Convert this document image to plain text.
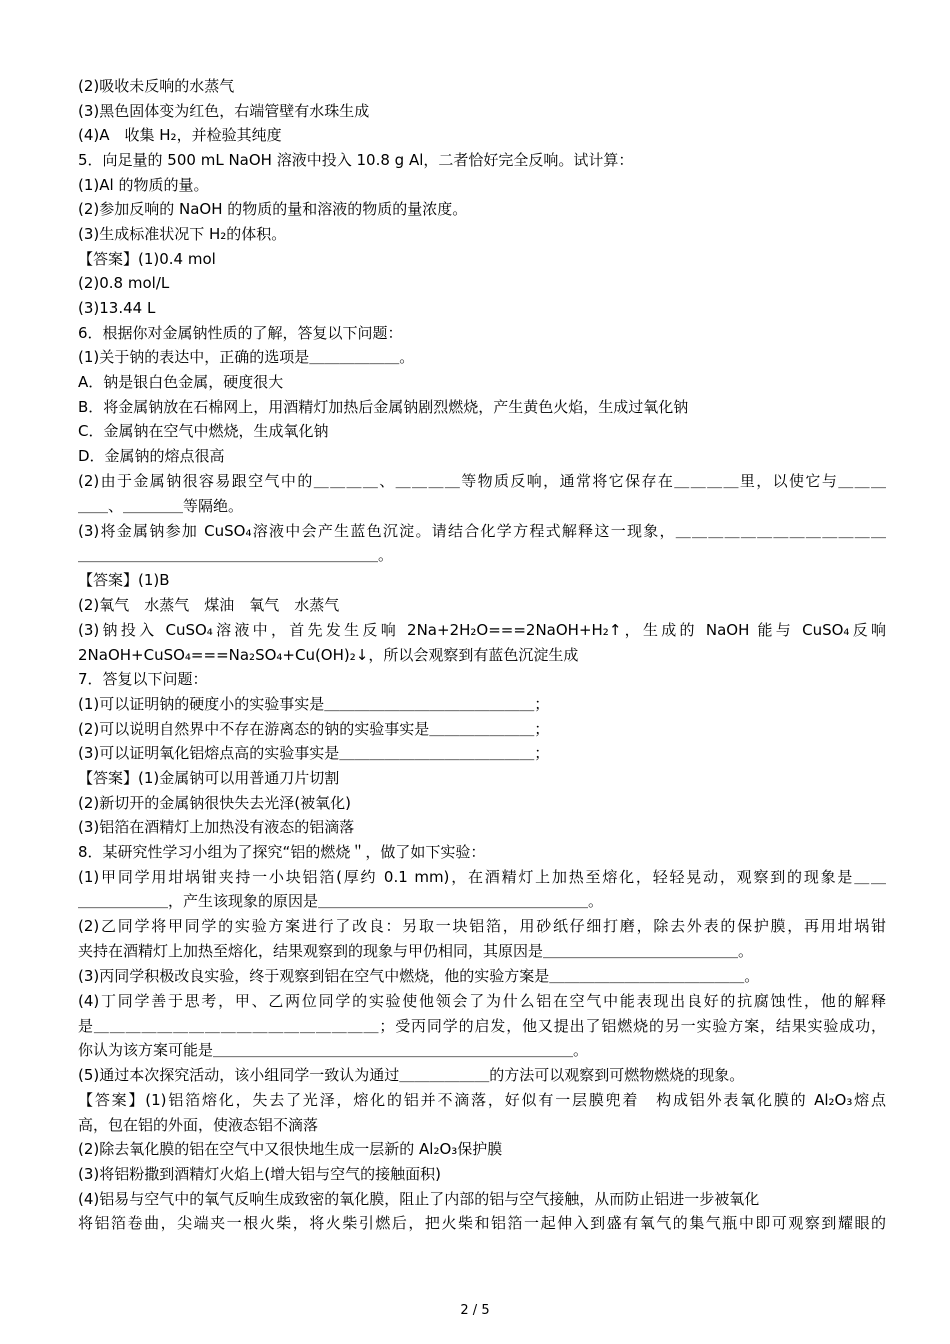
(2)吸收未反响的水蒸气
(3)黑色固体变为红色，右端管壁有水珠生成
(4)A　收集 H₂，并检验其纯度
5．向足量的 500 mL NaOH 溶液中投入 10.8 g Al，二者恰好完全反响。试计算：
(1)Al 的物质的量。
(2)参加反响的 NaOH 的物质的量和溶液的物质的量浓度。
(3)生成标准状况下 H₂的体积。
【答案】(1)0.4 mol
(2)0.8 mol/L
(3)13.44 L
6．根据你对金属钠性质的了解，答复以下问题：
(1)关于钠的表达中，正确的选项是＿＿＿＿＿＿。
A．钠是银白色金属，硬度很大
B．将金属钠放在石棉网上，用酒精灯加热后金属钠剧烈燃烧，产生黄色火焰，生成过氧化钠
C．金属钠在空气中燃烧，生成氧化钠
D．金属钠的熔点很高
(2)由于金属钠很容易跟空气中的＿＿＿＿、＿＿＿＿等物质反响，通常将它保存在＿＿＿＿里，以使它与＿＿＿
＿＿、＿＿＿＿等隔绝。
(3)将金属钠参加 CuSO₄溶液中会产生蓝色沉淀。请结合化学方程式解释这一现象，＿＿＿＿＿＿＿＿＿＿＿＿＿
＿＿＿＿＿＿＿＿＿＿＿＿＿＿＿＿＿＿＿＿。
【答案】(1)B
(2)氧气　水蒸气　煤油　氧气　水蒸气
(3)钠投入 CuSO₄溶液中，首先发生反响 2Na+2H₂O===2NaOH+H₂↑，生成的 NaOH 能与 CuSO₄反响
2NaOH+CuSO₄===Na₂SO₄+Cu(OH)₂↓，所以会观察到有蓝色沉淀生成
7．答复以下问题：
(1)可以证明钠的硬度小的实验事实是＿＿＿＿＿＿＿＿＿＿＿＿＿＿；
(2)可以说明自然界中不存在游离态的钠的实验事实是＿＿＿＿＿＿＿；
(3)可以证明氧化铝熔点高的实验事实是＿＿＿＿＿＿＿＿＿＿＿＿＿；
【答案】(1)金属钠可以用普通刀片切割
(2)新切开的金属钠很快失去光泽(被氧化)
(3)铝箔在酒精灯上加热没有液态的铝滴落
8．某研究性学习小组为了探究“铝的燃烧＂，做了如下实验：
(1)甲同学用坩埚钳夹持一小块铝箔(厚约 0.1 mm)，在酒精灯上加热至熔化，轻轻晃动，观察到的现象是＿＿
＿＿＿＿＿＿，产生该现象的原因是＿＿＿＿＿＿＿＿＿＿＿＿＿＿＿＿＿＿。
(2)乙同学将甲同学的实验方案进行了改良：另取一块铝箔，用砂纸仔细打磨，除去外表的保护膜，再用坩埚钳
夹持在酒精灯上加热至熔化，结果观察到的现象与甲仍相同，其原因是＿＿＿＿＿＿＿＿＿＿＿＿＿。
(3)丙同学积极改良实验，终于观察到铝在空气中燃烧，他的实验方案是＿＿＿＿＿＿＿＿＿＿＿＿＿。
(4)丁同学善于思考，甲、乙两位同学的实验使他领会了为什么铝在空气中能表现出良好的抗腐蚀性，他的解释
是＿＿＿＿＿＿＿＿＿＿＿＿＿＿＿＿＿＿；受丙同学的启发，他又提出了铝燃烧的另一实验方案，结果实验成功，
你认为该方案可能是＿＿＿＿＿＿＿＿＿＿＿＿＿＿＿＿＿＿＿＿＿＿＿＿。
(5)通过本次探究活动，该小组同学一致认为通过＿＿＿＿＿＿的方法可以观察到可燃物燃烧的现象。
【答案】(1)铝箔熔化，失去了光泽，熔化的铝并不滴落，好似有一层膜兜着　构成铝外表氧化膜的 Al₂O₃熔点
高，包在铝的外面，使液态铝不滴落
(2)除去氧化膜的铝在空气中又很快地生成一层新的 Al₂O₃保护膜
(3)将铝粉撒到酒精灯火焰上(增大铝与空气的接触面积)
(4)铝易与空气中的氧气反响生成致密的氧化膜，阻止了内部的铝与空气接触，从而防止铝进一步被氧化
将铝箔卷曲，尖端夹一根火柴，将火柴引燃后，把火柴和铝箔一起伸入到盛有氧气的集气瓶中即可观察到耀眼的
2 / 5
